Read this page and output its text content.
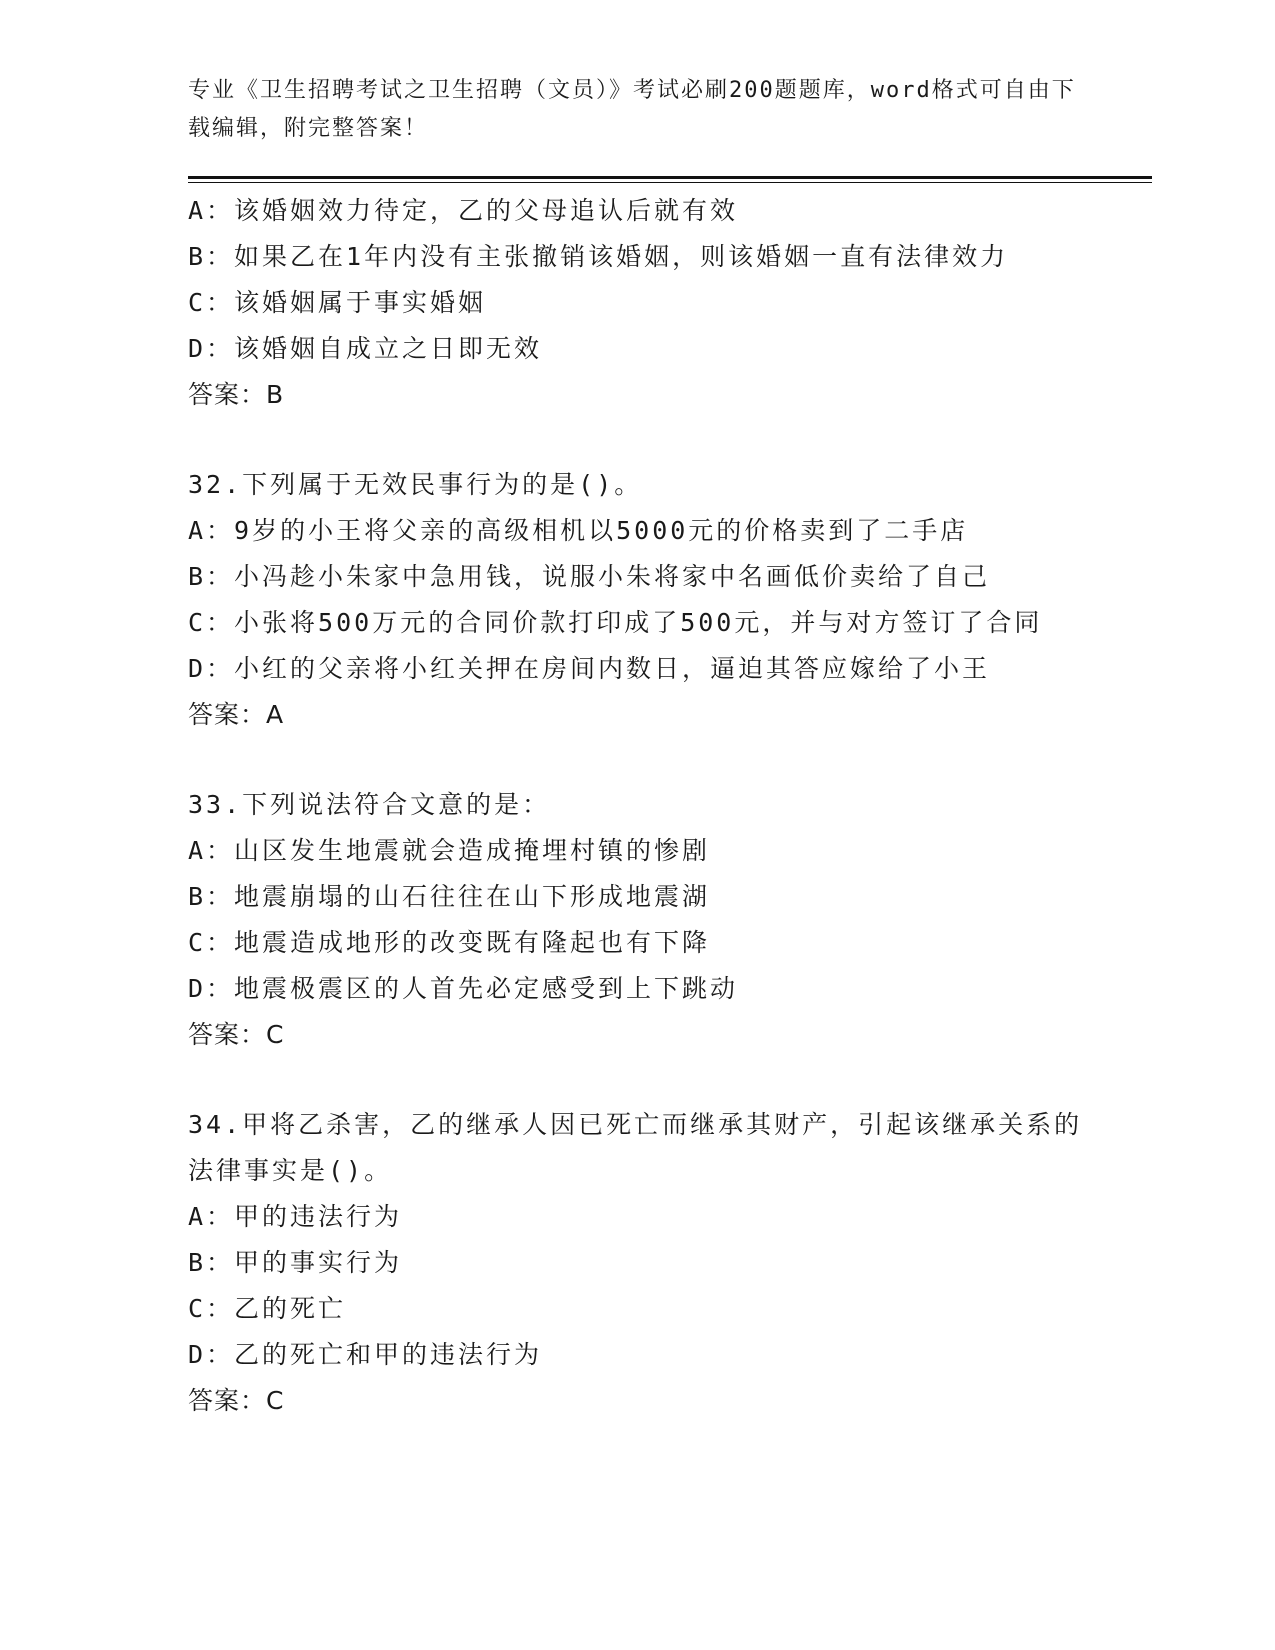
专业《卫生招聘考试之卫生招聘（文员）》考试必刷200题题库，word格式可自由下载编辑，附完整答案！
A：该婚姻效力待定，乙的父母追认后就有效
B：如果乙在1年内没有主张撤销该婚姻，则该婚姻一直有法律效力
C：该婚姻属于事实婚姻
D：该婚姻自成立之日即无效
答案：B
32.下列属于无效民事行为的是()。
A：9岁的小王将父亲的高级相机以5000元的价格卖到了二手店
B：小冯趁小朱家中急用钱，说服小朱将家中名画低价卖给了自己
C：小张将500万元的合同价款打印成了500元，并与对方签订了合同
D：小红的父亲将小红关押在房间内数日，逼迫其答应嫁给了小王
答案：A
33.下列说法符合文意的是：
A：山区发生地震就会造成掩埋村镇的惨剧
B：地震崩塌的山石往往在山下形成地震湖
C：地震造成地形的改变既有隆起也有下降
D：地震极震区的人首先必定感受到上下跳动
答案：C
34.甲将乙杀害，乙的继承人因已死亡而继承其财产，引起该继承关系的法律事实是()。
A：甲的违法行为
B：甲的事实行为
C：乙的死亡
D：乙的死亡和甲的违法行为
答案：C
